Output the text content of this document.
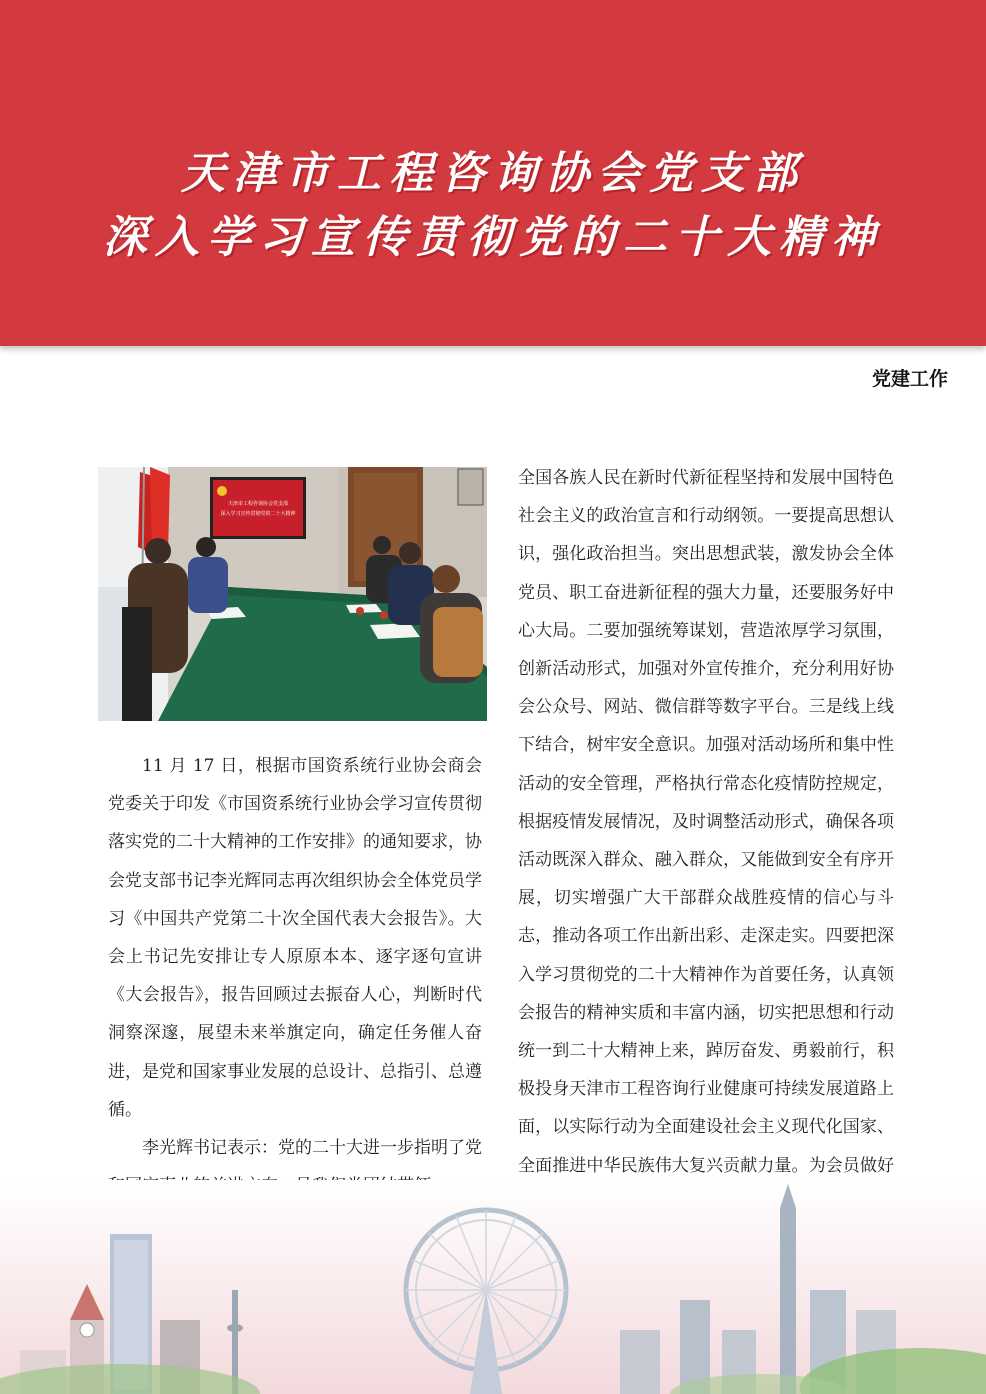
天津市工程咨询协会党支部
深入学习宣传贯彻党的二十大精神
党建工作
天津市工程咨询协会党支部
深入学习宣传贯彻党的二十大精神

11 月 17 日，根据市国资系统行业协会商会党委关于印发《市国资系统行业协会学习宣传贯彻落实党的二十大精神的工作安排》的通知要求，协会党支部书记李光辉同志再次组织协会全体党员学习《中国共产党第二十次全国代表大会报告》。大会上书记先安排让专人原原本本、逐字逐句宣讲《大会报告》，报告回顾过去振奋人心，判断时代洞察深邃，展望未来举旗定向，确定任务催人奋进，是党和国家事业发展的总设计、总指引、总遵循。

李光辉书记表示：党的二十大进一步指明了党

全国各族人民在新时代新征程坚持和发展中国特色社会主义的政治宣言和行动纲领。一要提高思想认识，强化政治担当。突出思想武装，激发协会全体党员、职工奋进新征程的强大力量，还要服务好中心大局。二要加强统筹谋划，营造浓厚学习氛围，创新活动形式，加强对外宣传推介，充分利用好协会公众号、网站、微信群等数字平台。三是线上线下结合，树牢安全意识。加强对活动场所和集中性活动的安全管理，严格执行常态化疫情防控规定，根据疫情发展情况，及时调整活动形式，确保各项活动既深入群众、融入群众，又能做到安全有序开展，切实增强广大干部群众战胜疫情的信心与斗志，推动各项工作出新出彩、走深走实。四要把深入学习贯彻党的二十大精神作为首要任务，认真领会报告的精神实质和丰富内涵，切实把思想和行动统一到二十大精神上来，踔厉奋发、勇毅前行，积极投身天津市工程咨询行业健康可持续发展道路上面，以实际行动为全面建设社会主义现代化国家、全面推进中华民族伟大复兴贡献力量。为会员做好
